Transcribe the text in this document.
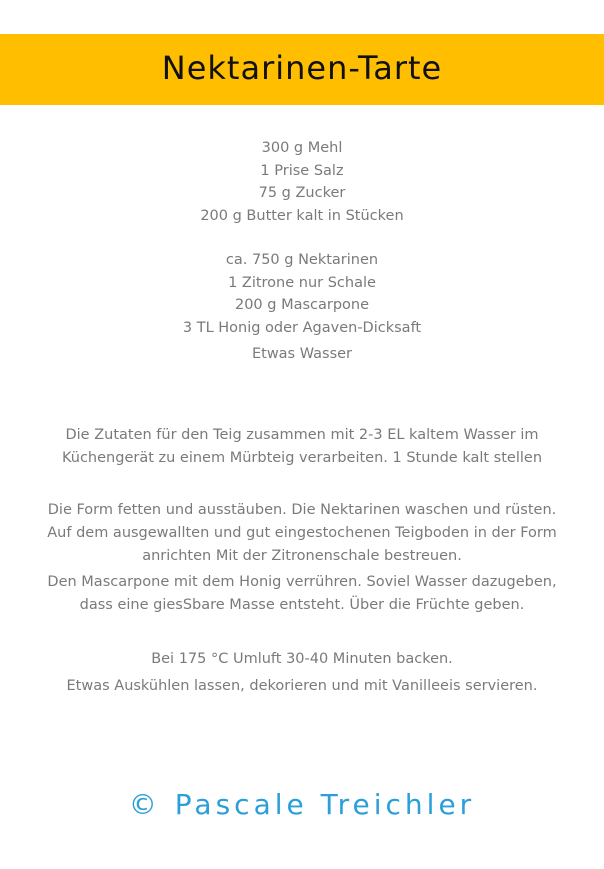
Nektarinen-Tarte
300 g Mehl
1 Prise Salz
75 g Zucker
200 g Butter kalt in Stücken
ca. 750 g Nektarinen
1 Zitrone nur Schale
200 g Mascarpone
3 TL Honig oder Agaven-Dicksaft
Etwas Wasser
Die Zutaten für den Teig zusammen mit 2-3 EL kaltem Wasser im
Küchengerät zu einem Mürbteig verarbeiten. 1 Stunde kalt stellen
Die Form fetten und ausstäuben. Die Nektarinen waschen und rüsten.
Auf dem ausgewallten und gut eingestochenen Teigboden in der Form
anrichten Mit der Zitronenschale bestreuen.
Den Mascarpone mit dem Honig verrühren. Soviel Wasser dazugeben,
dass eine giesSbare Masse entsteht. Über die Früchte geben.
Bei 175 °C Umluft 30-40 Minuten backen.
Etwas Auskühlen lassen, dekorieren und mit Vanilleeis servieren.
© Pascale Treichler
